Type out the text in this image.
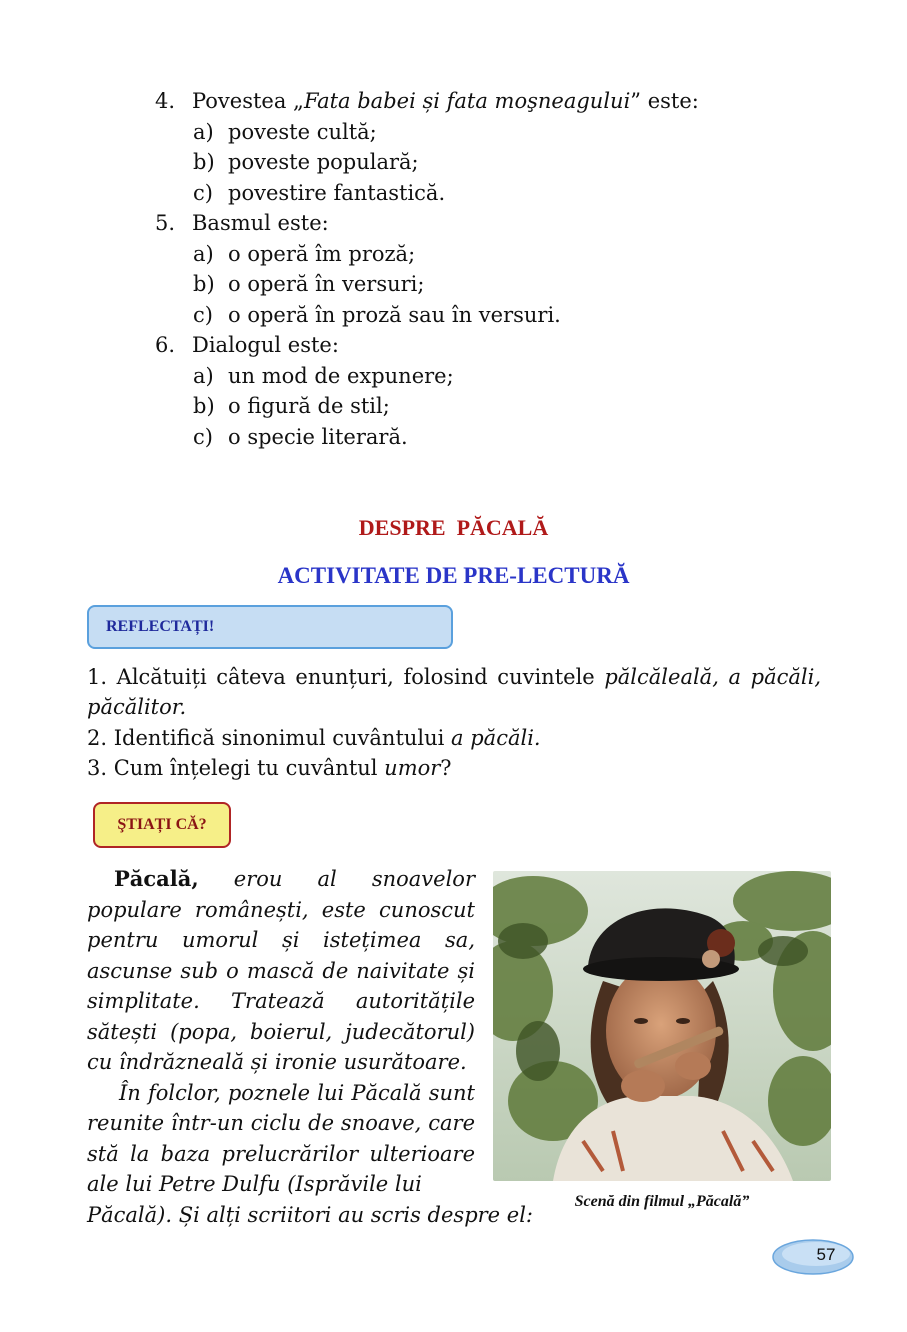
4. Povestea „Fata babei și fata moşneagului” este:
a) poveste cultă;
b) poveste populară;
c) povestire fantastică.
5. Basmul este:
a) o operă îm proză;
b) o operă în versuri;
c) o operă în proză sau în versuri.
6. Dialogul este:
a) un mod de expunere;
b) o figură de stil;
c) o specie literară.
DESPRE  PĂCALĂ
ACTIVITATE DE PRE-LECTURĂ
REFLECTAȚI!
1. Alcătuiți câteva enunțuri, folosind cuvintele pălcăleală, a păcăli, păcălitor.
2. Identifică sinonimul cuvântului a păcăli.
3. Cum înțelegi tu cuvântul umor?
ŞTIAȚI CĂ?
Păcală, erou al snoavelor populare românești, este cunoscut pentru umorul și istețimea sa, ascunse sub o mască de naivitate și simplitate. Tratează autoritățile sătești (popa, boierul, judecătorul) cu îndrăzneală și ironie usurătoare.
În folclor, poznele lui Păcală sunt reunite într-un ciclu de snoave, care stă la baza prelucrărilor ulterioare ale lui Petre Dulfu (Isprăvile lui
Păcală). Și alți scriitori au scris despre el:
Scenă din filmul „Păcală”
57
